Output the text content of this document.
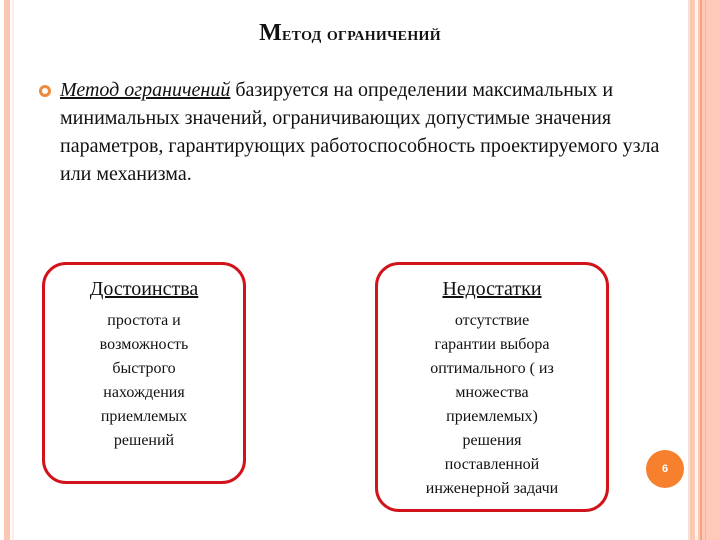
Метод ограничений
Метод ограничений базируется на определении максимальных и минимальных значений, ограничивающих допустимые значения параметров, гарантирующих работоспособность проектируемого узла или механизма.
Достоинства
простота и
возможность
быстрого
нахождения
приемлемых
решений
Недостатки
отсутствие
гарантии выбора
оптимального ( из
множества
приемлемых)
решения
поставленной
инженерной задачи
6
